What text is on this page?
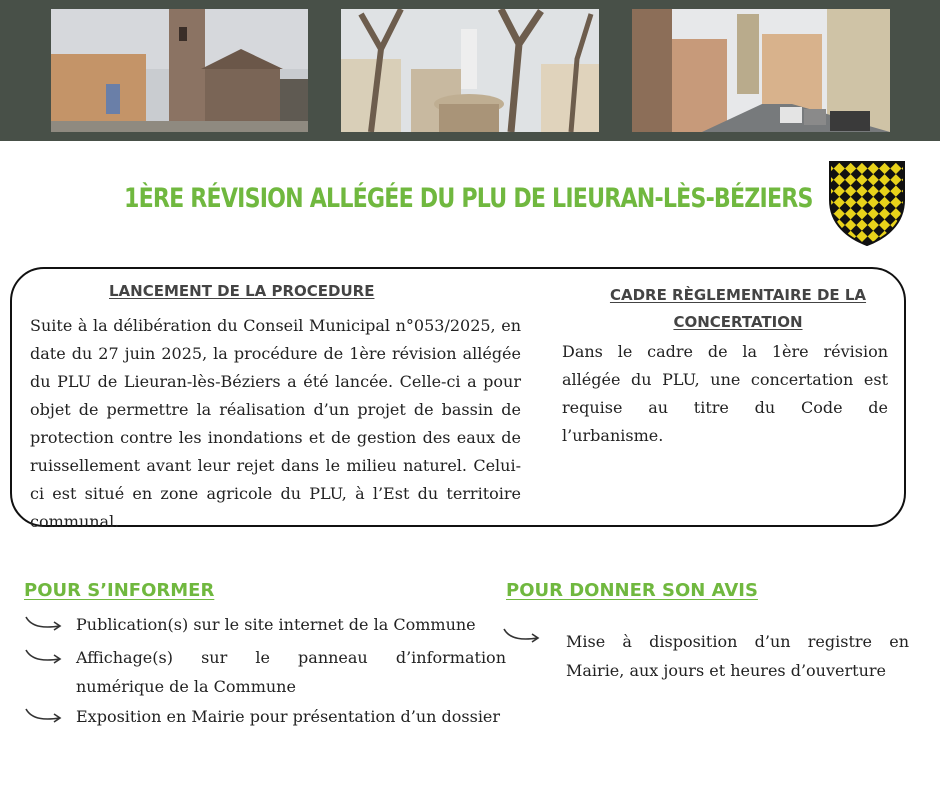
1ÈRE RÉVISION ALLÉGÉE DU PLU DE LIEURAN-LÈS-BÉZIERS
LANCEMENT DE LA PROCEDURE
Suite à la délibération du Conseil Municipal n°053/2025, en date du 27 juin 2025, la procédure de 1ère révision allégée du PLU de Lieuran-lès-Béziers a été lancée. Celle-ci a pour objet de permettre la réalisation d’un projet de bassin de protection contre les inondations et de gestion des eaux de ruissellement avant leur rejet dans le milieu naturel. Celui-ci est situé en zone agricole du PLU, à l’Est du territoire communal.
CADRE RÈGLEMENTAIRE DE LA CONCERTATION
Dans le cadre de la 1ère révision allégée du PLU, une concertation est requise au titre du Code de l’urbanisme.
POUR S’INFORMER
Publication(s) sur le site internet de la Commune
Affichage(s) sur le panneau d’information numérique de la Commune
Exposition en Mairie pour présentation d’un dossier
POUR DONNER SON AVIS
Mise à disposition d’un registre en Mairie, aux jours et heures d’ouverture
